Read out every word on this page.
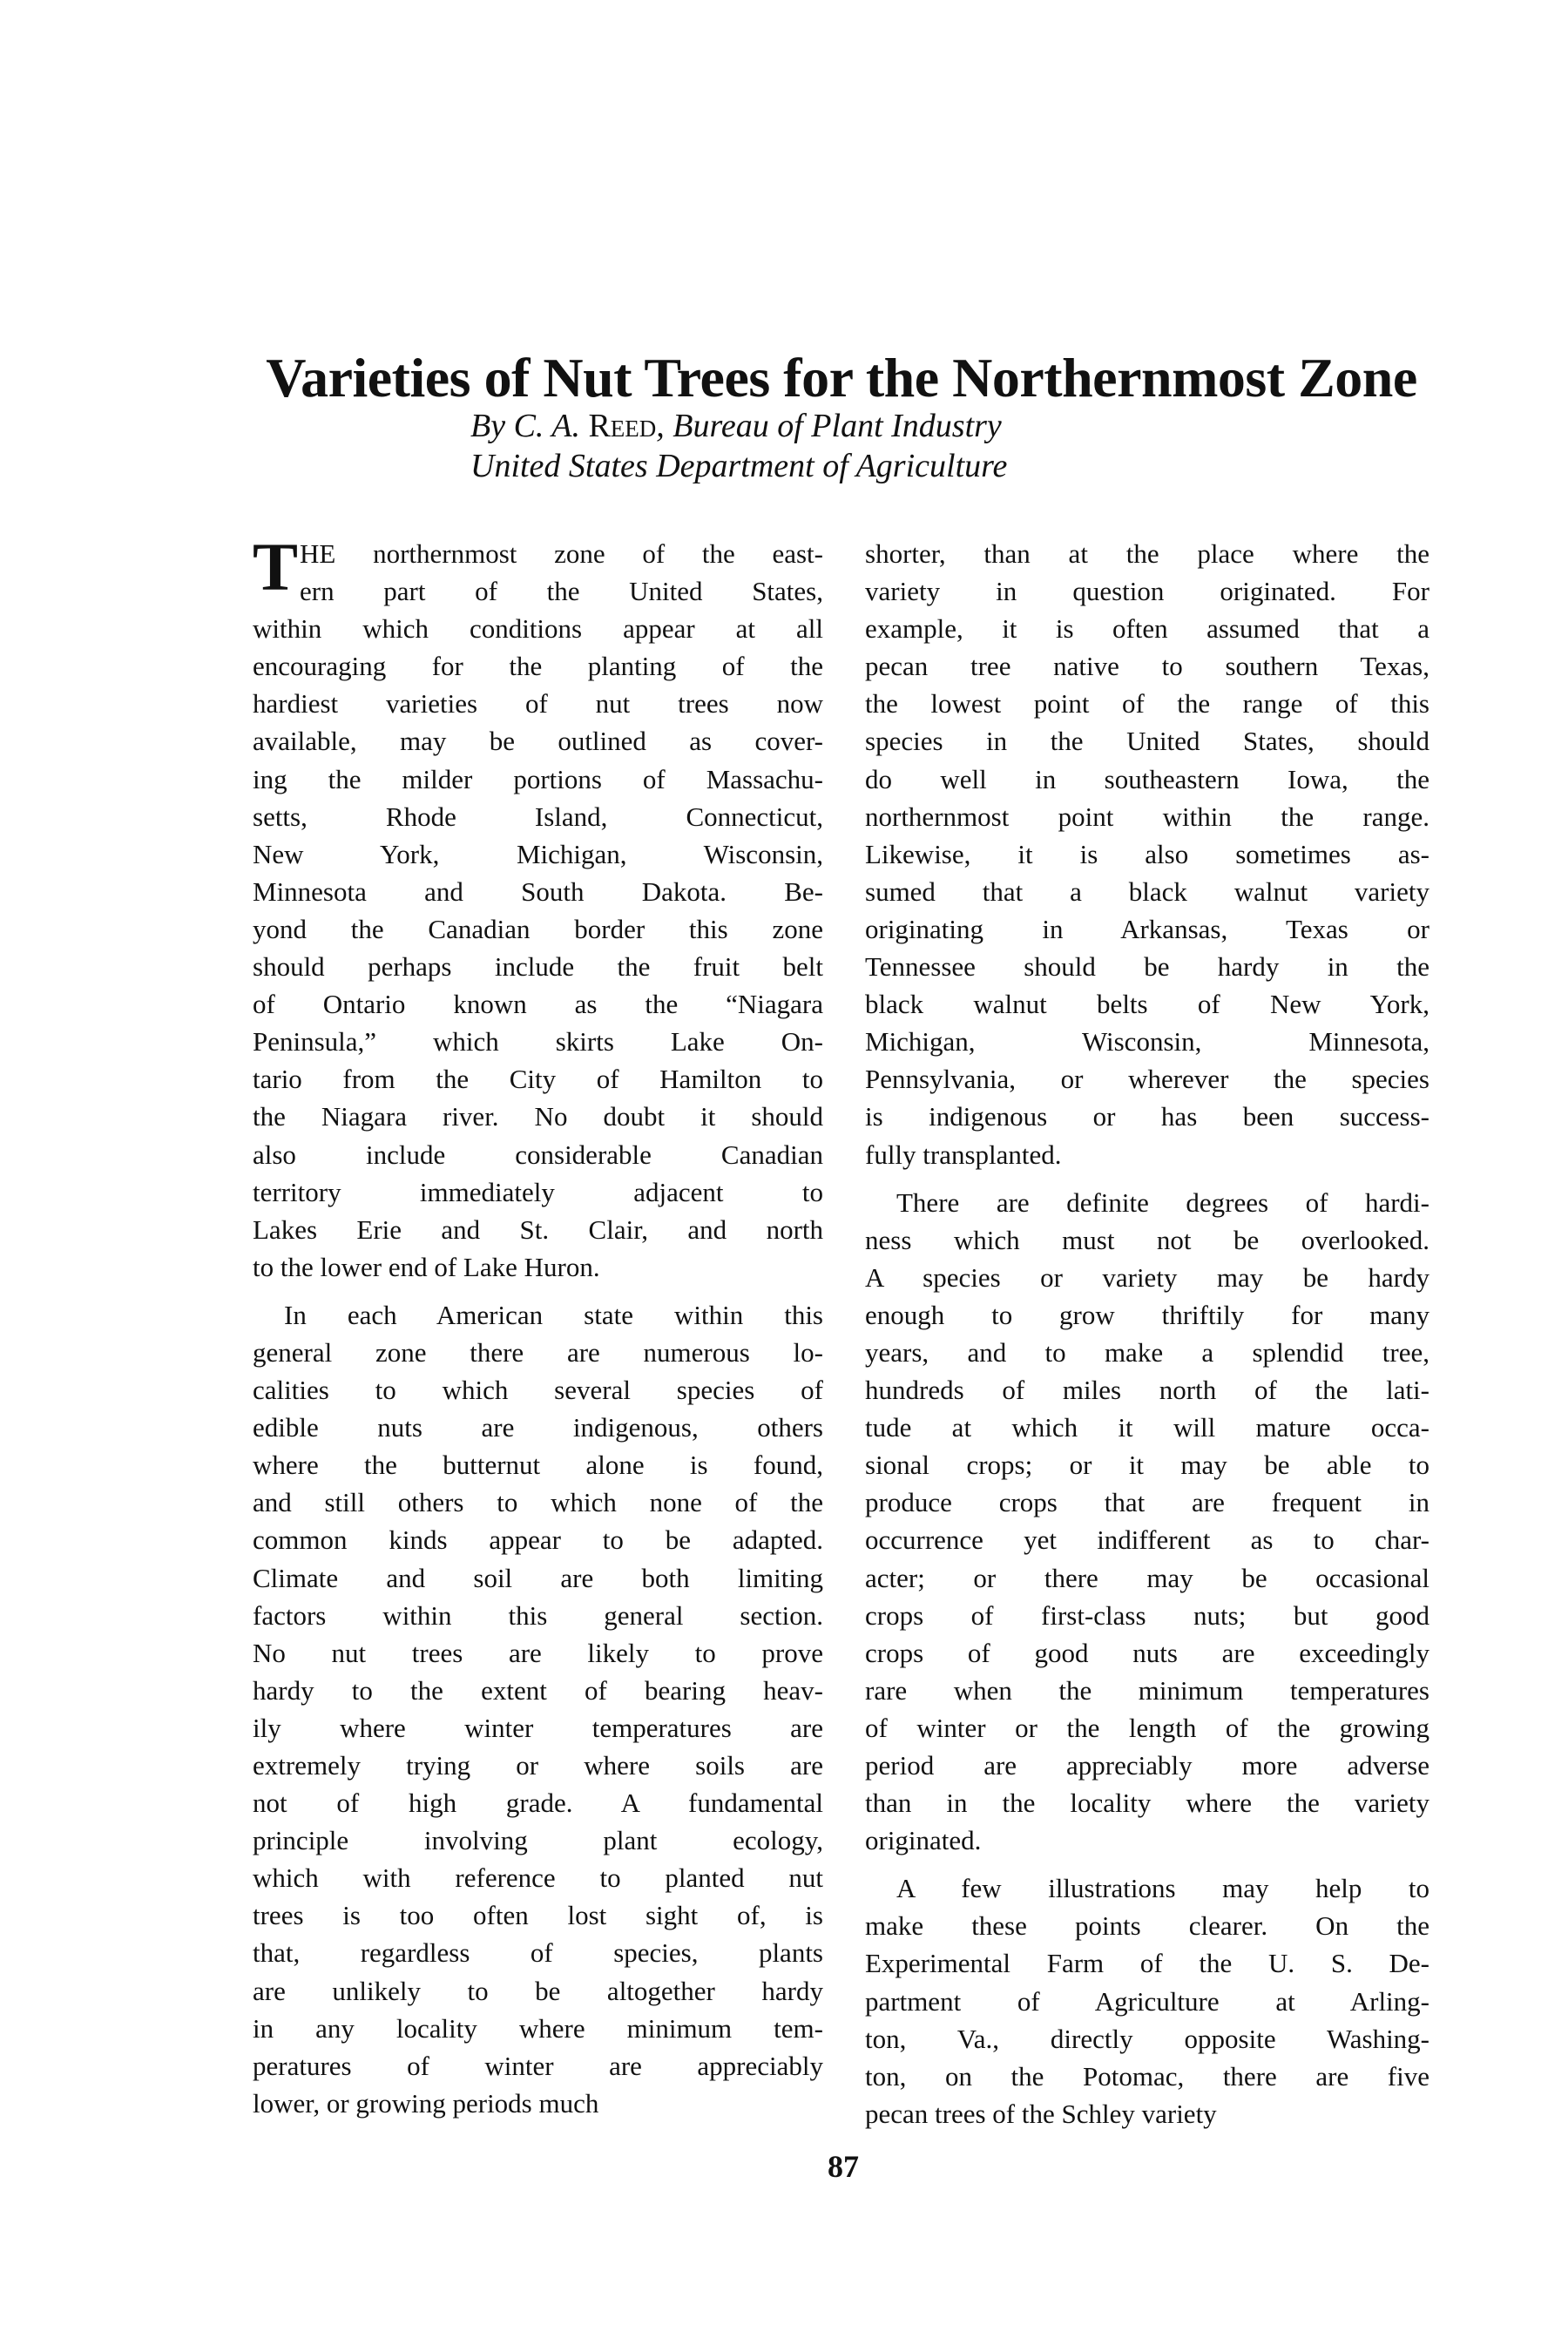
Varieties of Nut Trees for the Northernmost Zone
By C. A. Reed, Bureau of Plant Industry
United States Department of Agriculture
T HE northernmost zone of the east-
ern part of the United States,
within which conditions appear at all
encouraging for the planting of the
hardiest varieties of nut trees now
available, may be outlined as cover-
ing the milder portions of Massachu-
setts, Rhode Island, Connecticut,
New York, Michigan, Wisconsin,
Minnesota and South Dakota. Be-
yond the Canadian border this zone
should perhaps include the fruit belt
of Ontario known as the “Niagara
Peninsula,” which skirts Lake On-
tario from the City of Hamilton to
the Niagara river. No doubt it should
also include considerable Canadian
territory immediately adjacent to
Lakes Erie and St. Clair, and north
to the lower end of Lake Huron.
In each American state within this
general zone there are numerous lo-
calities to which several species of
edible nuts are indigenous, others
where the butternut alone is found,
and still others to which none of the
common kinds appear to be adapted.
Climate and soil are both limiting
factors within this general section.
No nut trees are likely to prove
hardy to the extent of bearing heav-
ily where winter temperatures are
extremely trying or where soils are
not of high grade. A fundamental
principle involving plant ecology,
which with reference to planted nut
trees is too often lost sight of, is
that, regardless of species, plants
are unlikely to be altogether hardy
in any locality where minimum tem-
peratures of winter are appreciably
lower, or growing periods much
shorter, than at the place where the
variety in question originated. For
example, it is often assumed that a
pecan tree native to southern Texas,
the lowest point of the range of this
species in the United States, should
do well in southeastern Iowa, the
northernmost point within the range.
Likewise, it is also sometimes as-
sumed that a black walnut variety
originating in Arkansas, Texas or
Tennessee should be hardy in the
black walnut belts of New York,
Michigan, Wisconsin, Minnesota,
Pennsylvania, or wherever the species
is indigenous or has been success-
fully transplanted.
There are definite degrees of hardi-
ness which must not be overlooked.
A species or variety may be hardy
enough to grow thriftily for many
years, and to make a splendid tree,
hundreds of miles north of the lati-
tude at which it will mature occa-
sional crops; or it may be able to
produce crops that are frequent in
occurrence yet indifferent as to char-
acter; or there may be occasional
crops of first-class nuts; but good
crops of good nuts are exceedingly
rare when the minimum temperatures
of winter or the length of the growing
period are appreciably more adverse
than in the locality where the variety
originated.
A few illustrations may help to
make these points clearer. On the
Experimental Farm of the U. S. De-
partment of Agriculture at Arling-
ton, Va., directly opposite Washing-
ton, on the Potomac, there are five
pecan trees of the Schley variety
87
